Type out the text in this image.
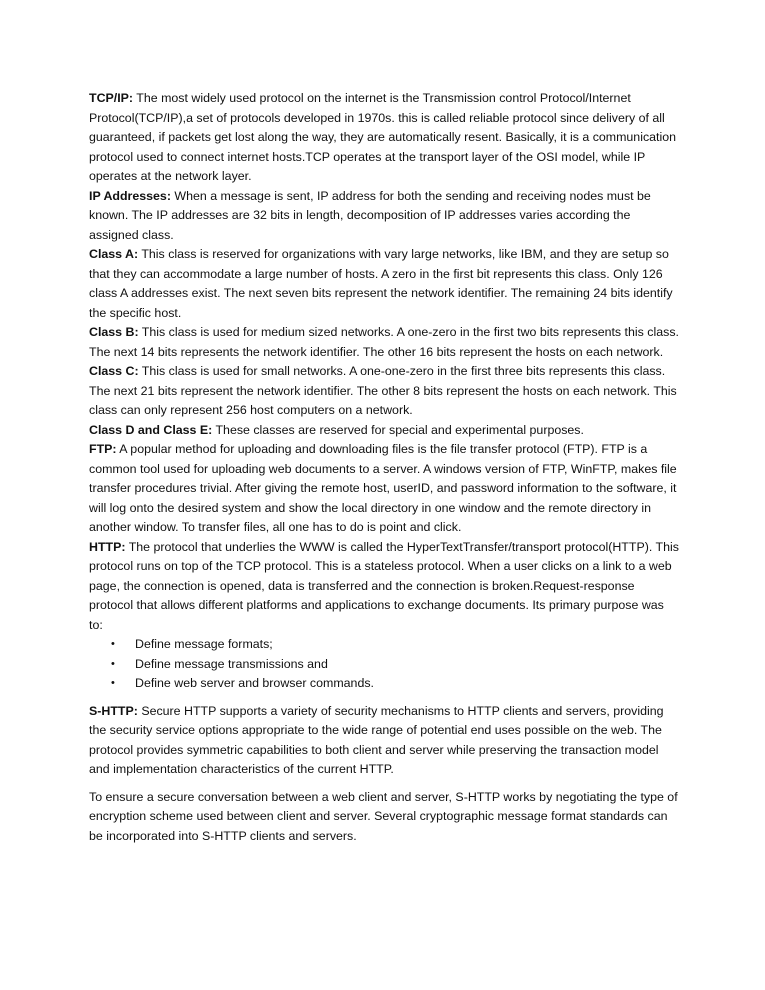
TCP/IP: The most widely used protocol on the internet is the Transmission control Protocol/Internet Protocol(TCP/IP),a set of protocols developed in 1970s. this is called reliable protocol since delivery of all guaranteed, if packets get lost along the way, they are automatically resent. Basically, it is a communication protocol used to connect internet hosts.TCP operates at the transport layer of the OSI model, while IP operates at the network layer.

IP Addresses: When a message is sent, IP address for both the sending and receiving nodes must be known. The IP addresses are 32 bits in length, decomposition of IP addresses varies according the assigned class.

Class A: This class is reserved for organizations with vary large networks, like IBM, and they are setup so that they can accommodate a large number of hosts. A zero in the first bit represents this class. Only 126 class A addresses exist. The next seven bits represent the network identifier. The remaining 24 bits identify the specific host.

Class B: This class is used for medium sized networks. A one-zero in the first two bits represents this class. The next 14 bits represents the network identifier. The other 16 bits represent the hosts on each network.

Class C: This class is used for small networks. A one-one-zero in the first three bits represents this class. The next 21 bits represent the network identifier. The other 8 bits represent the hosts on each network. This class can only represent 256 host computers on a network.

Class D and Class E: These classes are reserved for special and experimental purposes.

FTP: A popular method for uploading and downloading files is the file transfer protocol (FTP). FTP is a common tool used for uploading web documents to a server. A windows version of FTP, WinFTP, makes file transfer procedures trivial. After giving the remote host, userID, and password information to the software, it will log onto the desired system and show the local directory in one window and the remote directory in another window. To transfer files, all one has to do is point and click.

HTTP: The protocol that underlies the WWW is called the HyperTextTransfer/transport protocol(HTTP). This protocol runs on top of the TCP protocol. This is a stateless protocol. When a user clicks on a link to a web page, the connection is opened, data is transferred and the connection is broken.Request-response protocol that allows different platforms and applications to exchange documents. Its primary purpose was to:

• Define message formats;
• Define message transmissions and
• Define web server and browser commands.

S-HTTP: Secure HTTP supports a variety of security mechanisms to HTTP clients and servers, providing the security service options appropriate to the wide range of potential end uses possible on the web. The protocol provides symmetric capabilities to both client and server while preserving the transaction model and implementation characteristics of the current HTTP.

To ensure a secure conversation between a web client and server, S-HTTP works by negotiating the type of encryption scheme used between client and server. Several cryptographic message format standards can be incorporated into S-HTTP clients and servers.
